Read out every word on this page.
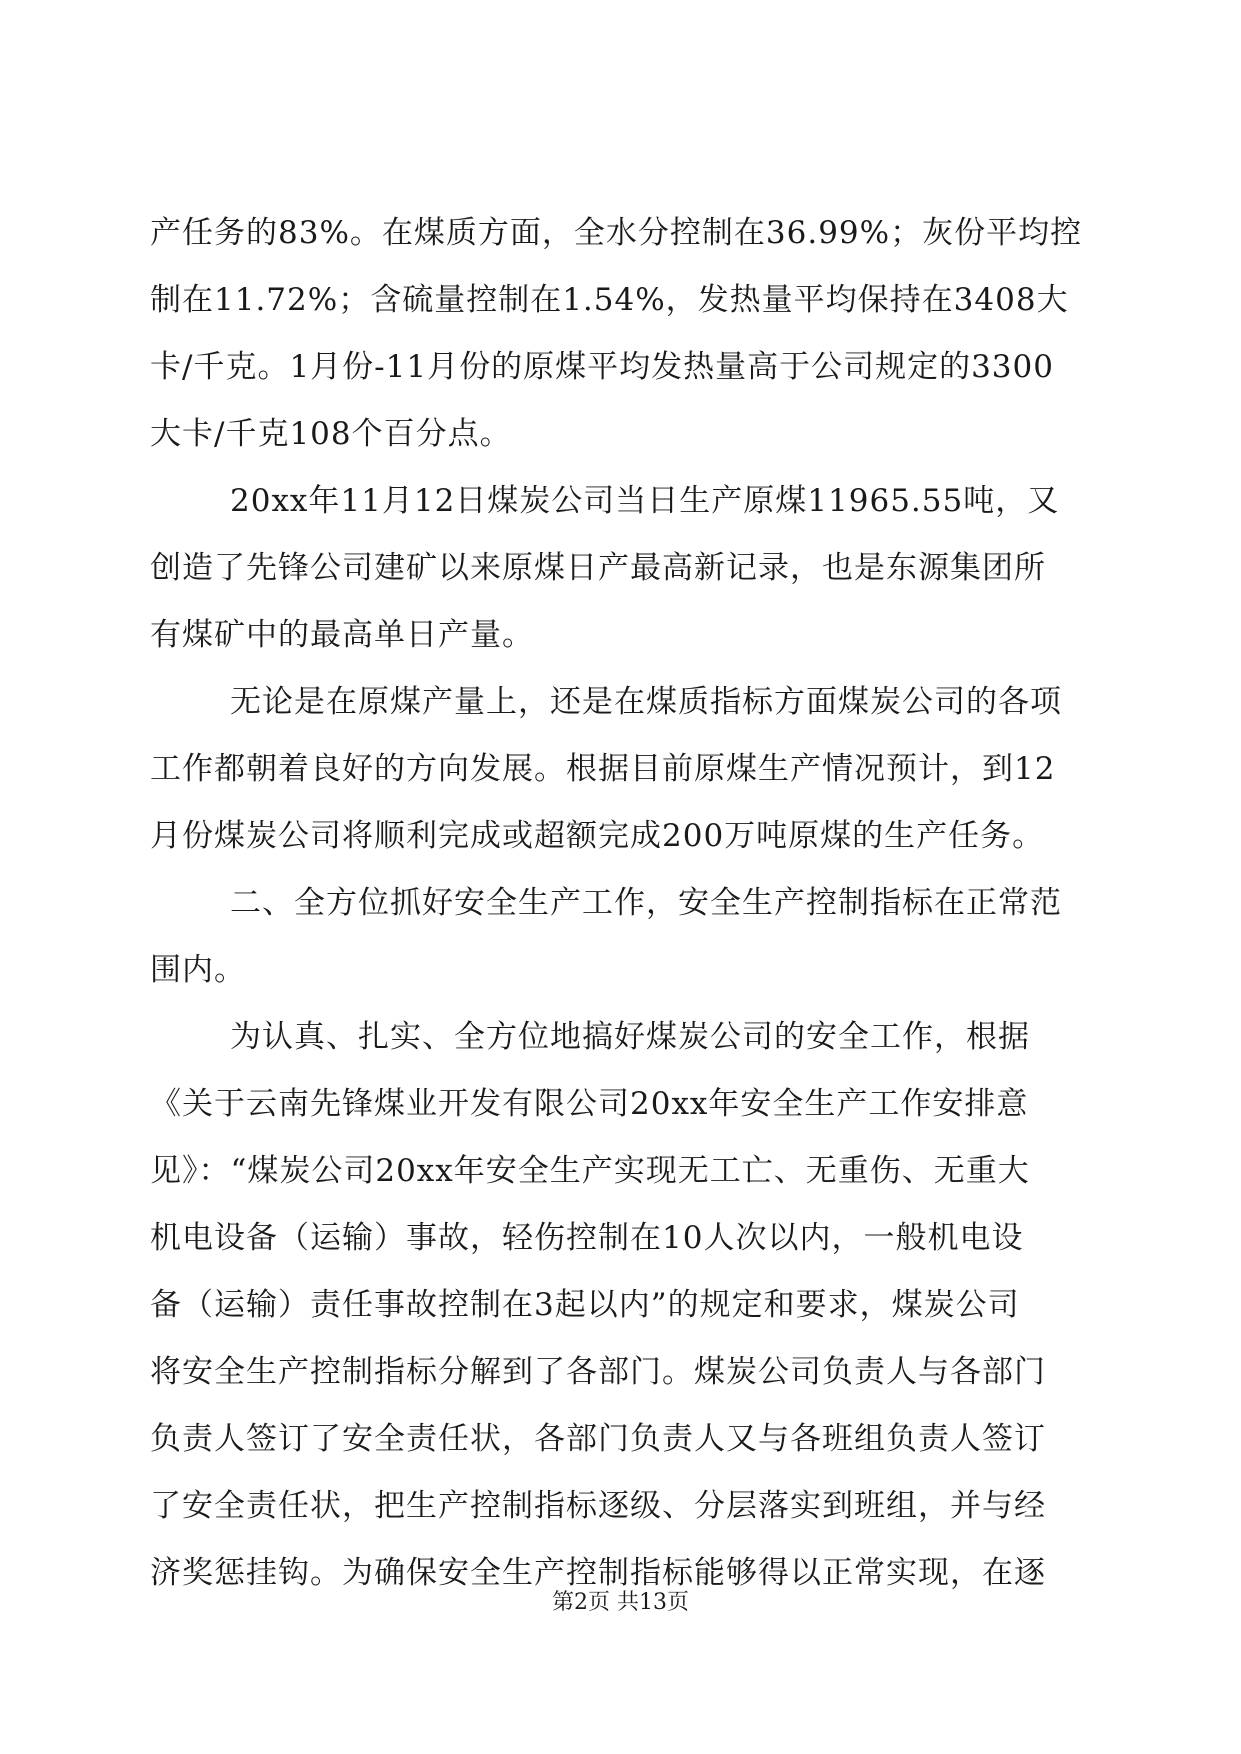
产任务的83%。在煤质方面，全水分控制在36.99%；灰份平均控
制在11.72%；含硫量控制在1.54%，发热量平均保持在3408大
卡/千克。1月份-11月份的原煤平均发热量高于公司规定的3300
大卡/千克108个百分点。
20xx年11月12日煤炭公司当日生产原煤11965.55吨，又
创造了先锋公司建矿以来原煤日产最高新记录，也是东源集团所
有煤矿中的最高单日产量。
无论是在原煤产量上，还是在煤质指标方面煤炭公司的各项
工作都朝着良好的方向发展。根据目前原煤生产情况预计，到12
月份煤炭公司将顺利完成或超额完成200万吨原煤的生产任务。
二、全方位抓好安全生产工作，安全生产控制指标在正常范
围内。
为认真、扎实、全方位地搞好煤炭公司的安全工作，根据
《关于云南先锋煤业开发有限公司20xx年安全生产工作安排意
见》：“煤炭公司20xx年安全生产实现无工亡、无重伤、无重大
机电设备（运输）事故，轻伤控制在10人次以内，一般机电设
备（运输）责任事故控制在3起以内”的规定和要求，煤炭公司
将安全生产控制指标分解到了各部门。煤炭公司负责人与各部门
负责人签订了安全责任状，各部门负责人又与各班组负责人签订
了安全责任状，把生产控制指标逐级、分层落实到班组，并与经
济奖惩挂钩。为确保安全生产控制指标能够得以正常实现，在逐
第2页 共13页
